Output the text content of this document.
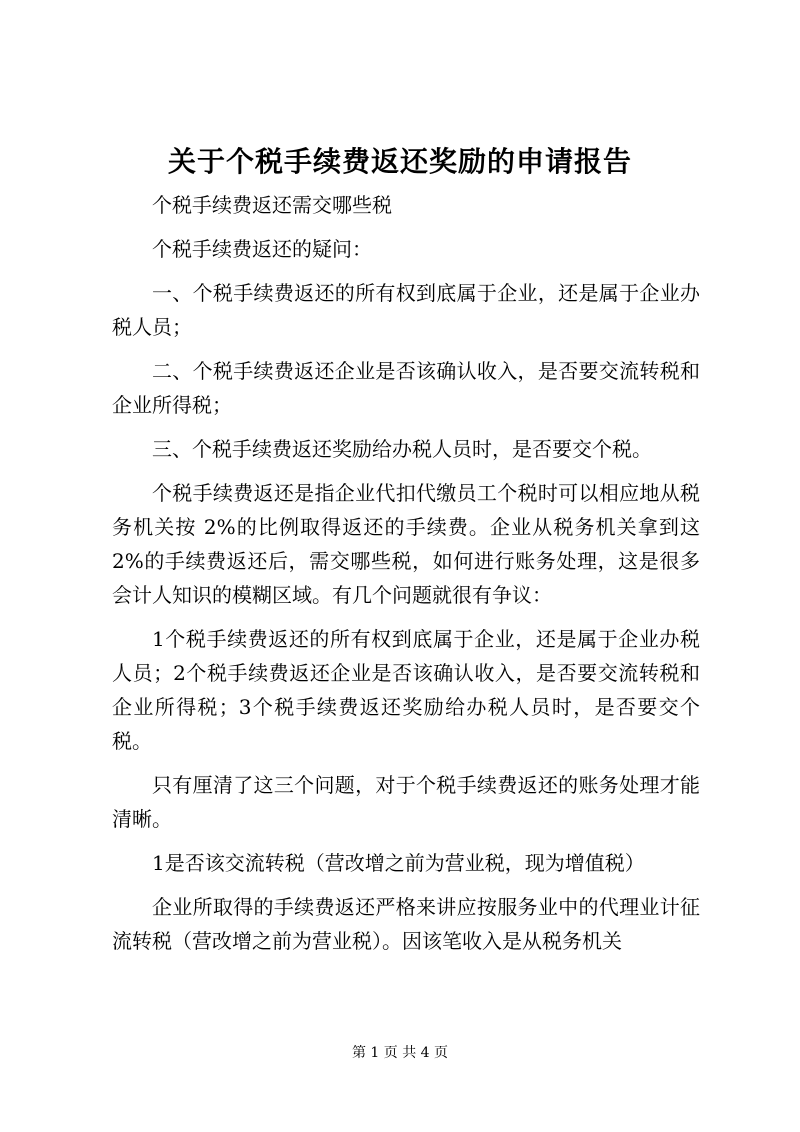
关于个税手续费返还奖励的申请报告

个税手续费返还需交哪些税

个税手续费返还的疑问：

一、个税手续费返还的所有权到底属于企业，还是属于企业办税人员；

二、个税手续费返还企业是否该确认收入，是否要交流转税和企业所得税；

三、个税手续费返还奖励给办税人员时，是否要交个税。

个税手续费返还是指企业代扣代缴员工个税时可以相应地从税务机关按 2%的比例取得返还的手续费。企业从税务机关拿到这 2%的手续费返还后，需交哪些税，如何进行账务处理，这是很多会计人知识的模糊区域。有几个问题就很有争议：

1个税手续费返还的所有权到底属于企业，还是属于企业办税人员；2个税手续费返还企业是否该确认收入，是否要交流转税和企业所得税；3个税手续费返还奖励给办税人员时，是否要交个税。

只有厘清了这三个问题，对于个税手续费返还的账务处理才能清晰。

1是否该交流转税（营改增之前为营业税，现为增值税）

企业所取得的手续费返还严格来讲应按服务业中的代理业计征流转税（营改增之前为营业税）。因该笔收入是从税务机关

第 1 页 共 4 页
